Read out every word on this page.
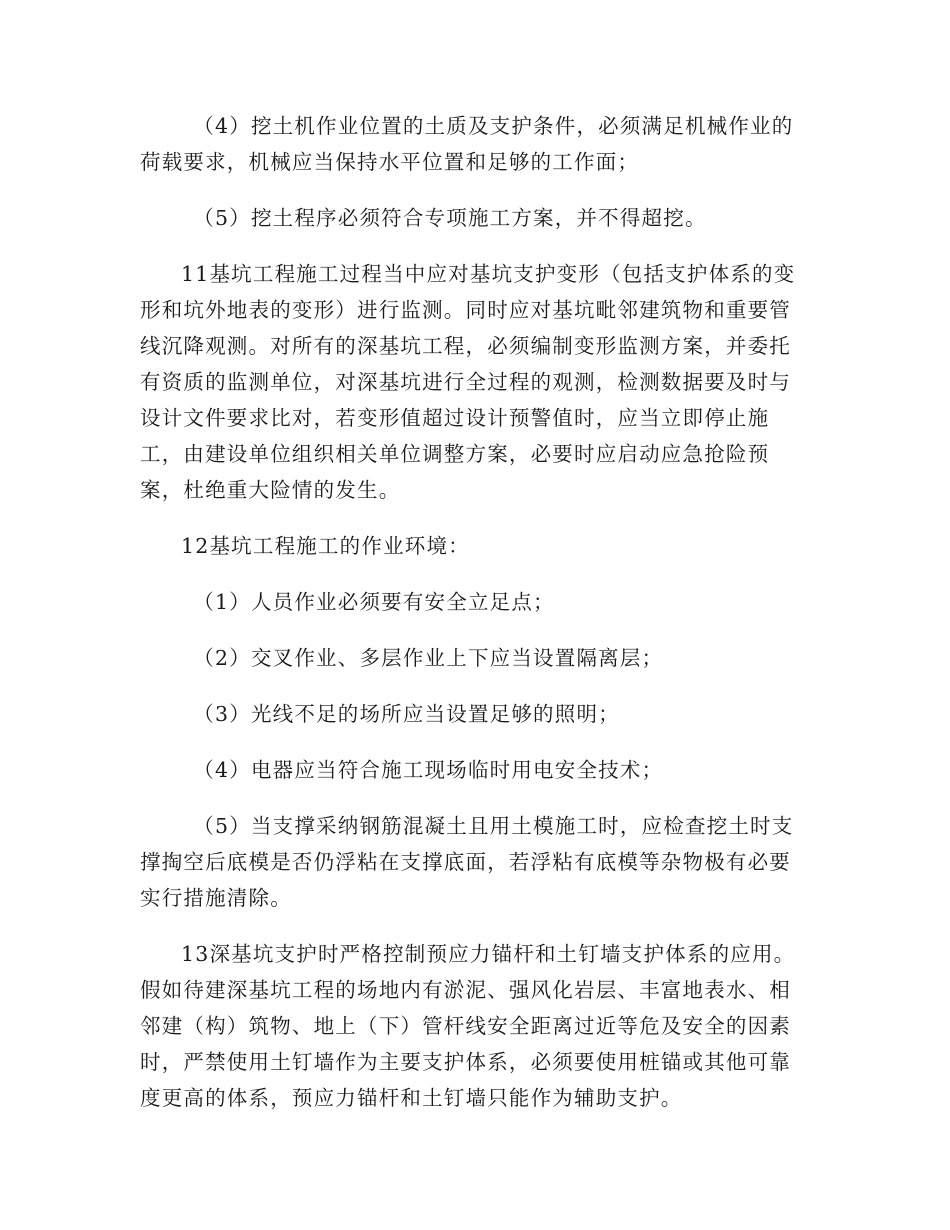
（4）挖土机作业位置的土质及支护条件，必须满足机械作业的荷载要求，机械应当保持水平位置和足够的工作面；

（5）挖土程序必须符合专项施工方案，并不得超挖。

11基坑工程施工过程当中应对基坑支护变形（包括支护体系的变形和坑外地表的变形）进行监测。同时应对基坑毗邻建筑物和重要管线沉降观测。对所有的深基坑工程，必须编制变形监测方案，并委托有资质的监测单位，对深基坑进行全过程的观测，检测数据要及时与设计文件要求比对，若变形值超过设计预警值时，应当立即停止施工，由建设单位组织相关单位调整方案，必要时应启动应急抢险预案，杜绝重大险情的发生。

12基坑工程施工的作业环境：

（1）人员作业必须要有安全立足点；

（2）交叉作业、多层作业上下应当设置隔离层；

（3）光线不足的场所应当设置足够的照明；

（4）电器应当符合施工现场临时用电安全技术；

（5）当支撑采纳钢筋混凝土且用土模施工时，应检查挖土时支撑掏空后底模是否仍浮粘在支撑底面，若浮粘有底模等杂物极有必要实行措施清除。

13深基坑支护时严格控制预应力锚杆和土钉墙支护体系的应用。假如待建深基坑工程的场地内有淤泥、强风化岩层、丰富地表水、相邻建（构）筑物、地上（下）管杆线安全距离过近等危及安全的因素时，严禁使用土钉墙作为主要支护体系，必须要使用桩锚或其他可靠度更高的体系，预应力锚杆和土钉墙只能作为辅助支护。
